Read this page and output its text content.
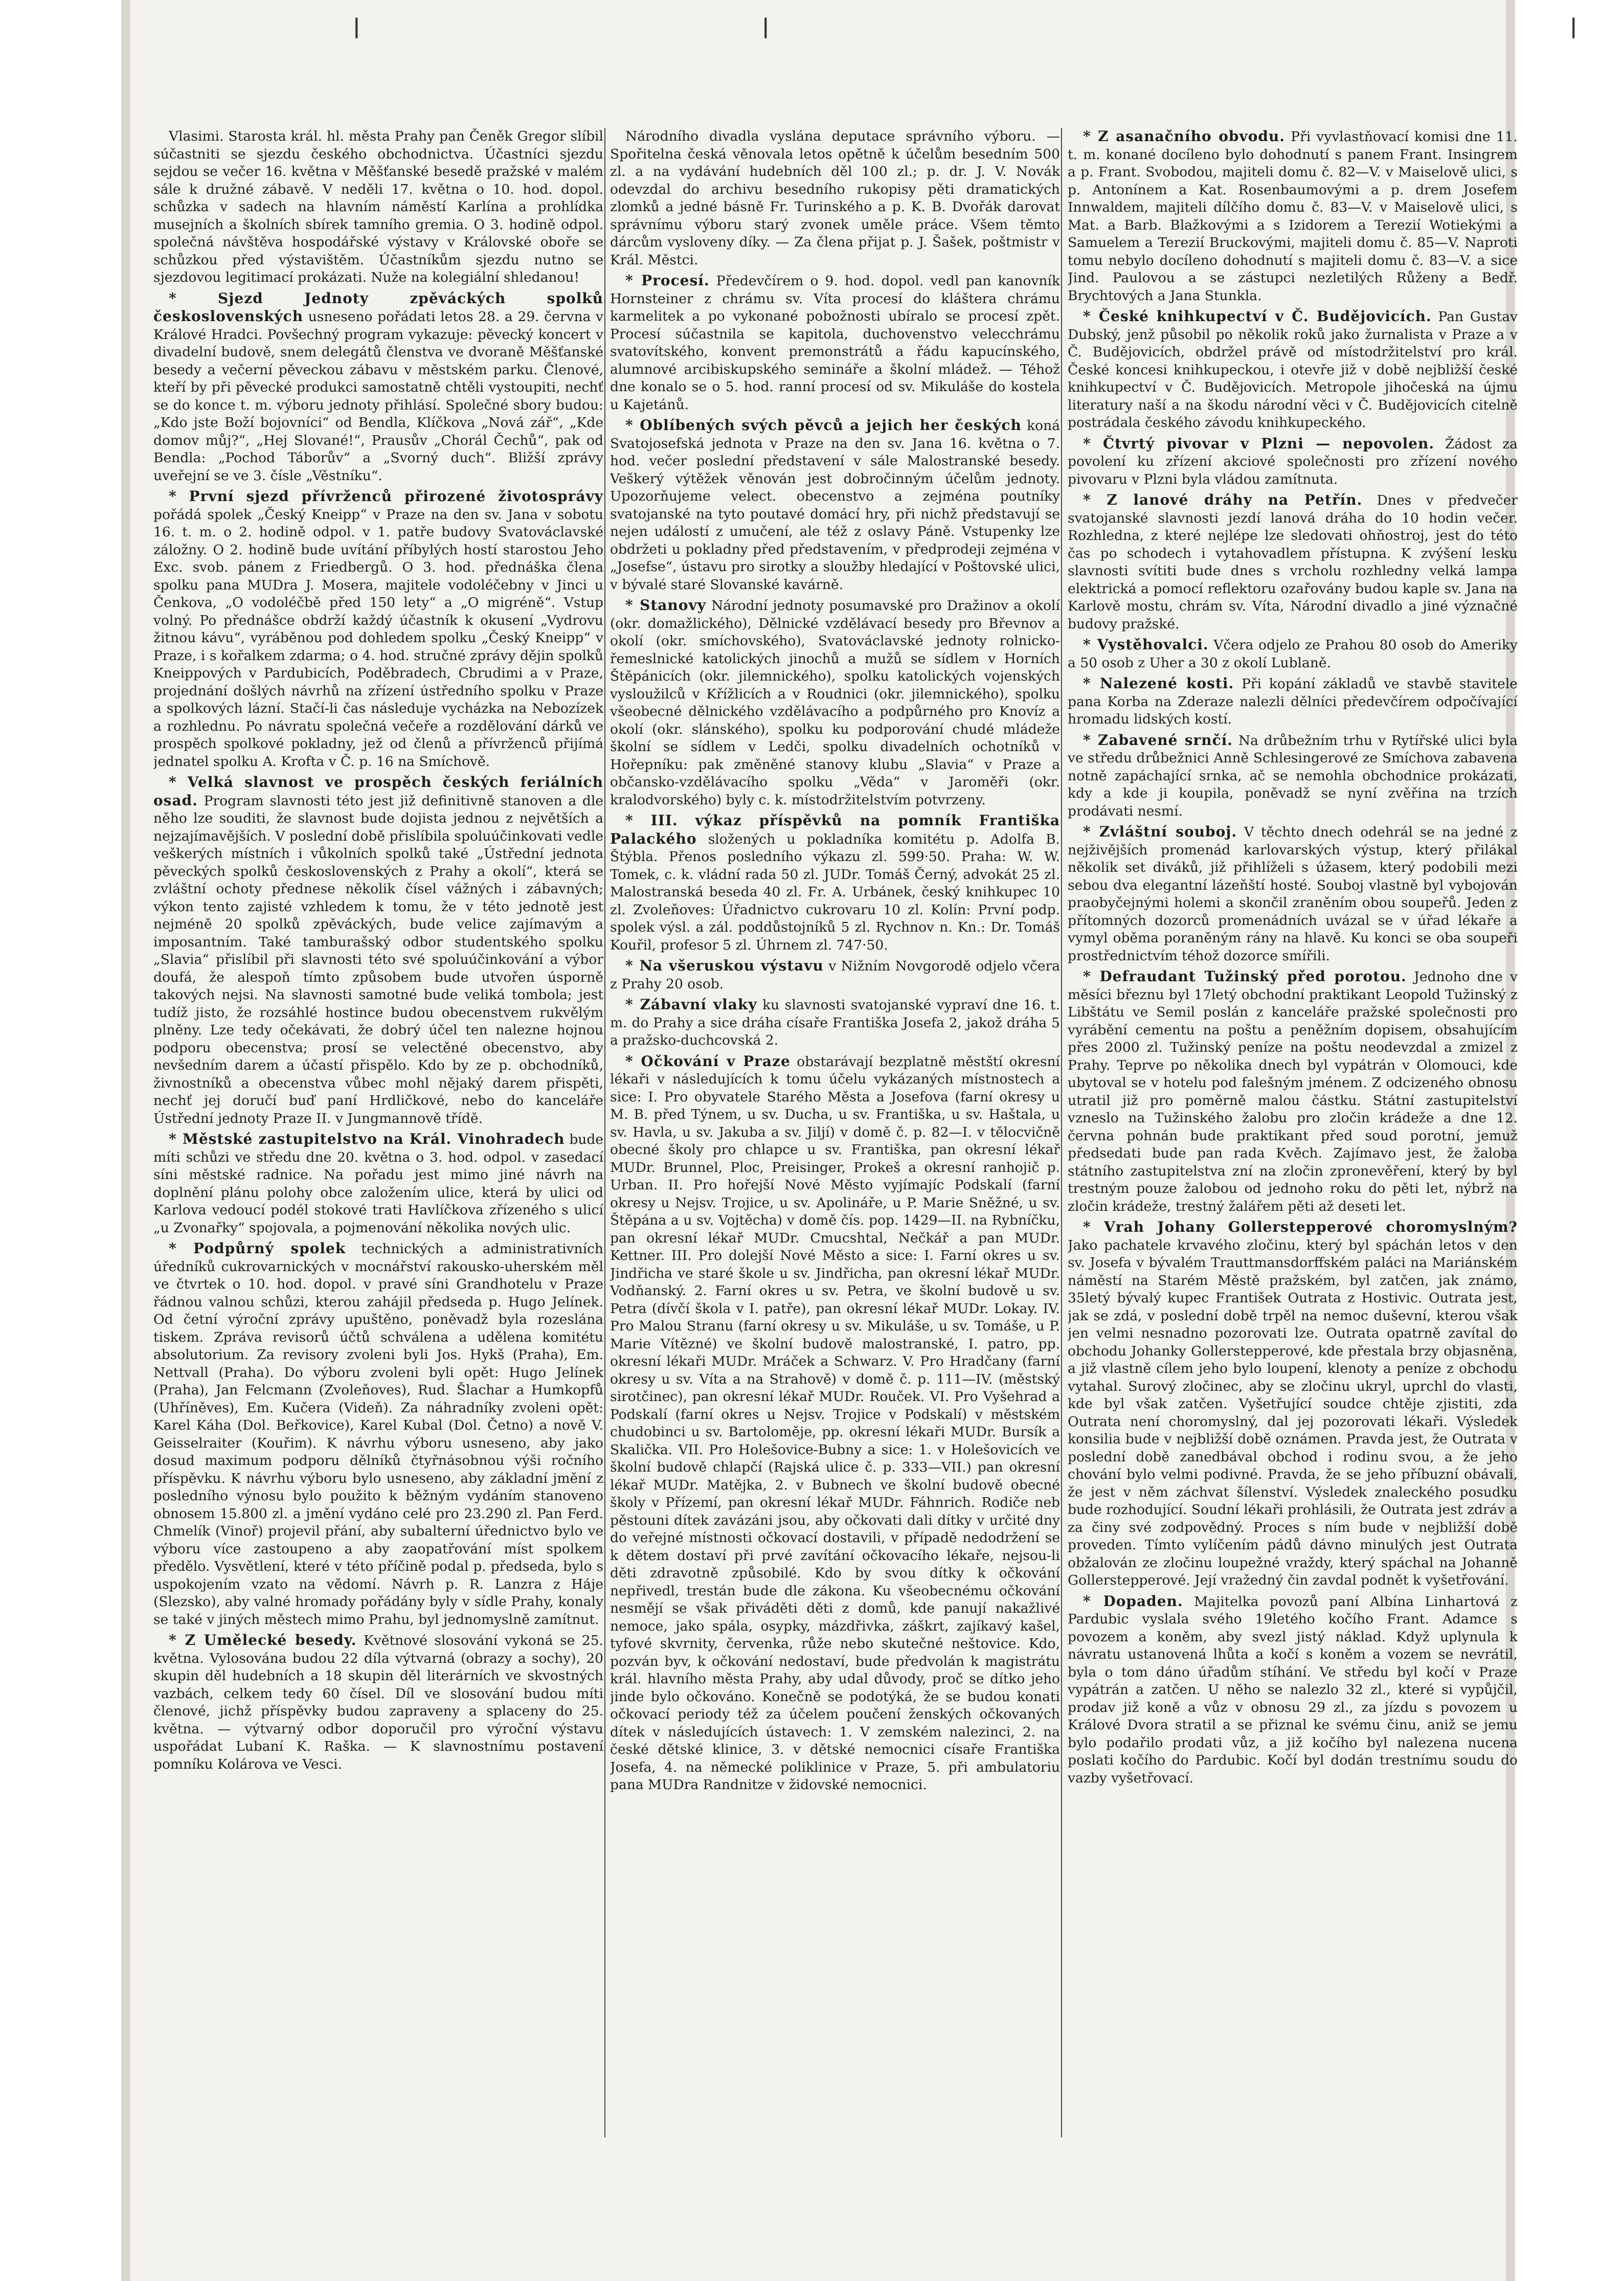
|	|	|

Vlasimi. Starosta král. hl. města Prahy pan Čeněk Gregor slíbil súčastniti se sjezdu českého obchodnictva. Účastníci sjezdu sejdou se večer 16. května v Měšťanské besedě pražské v malém sále k družné zábavě. V neděli 17. května o 10. hod. dopol. schůzka v sadech na hlavním náměstí Karlína a prohlídka musejních a školních sbírek tamního gremia. O 3. hodině odpol. společná návštěva hospodářské výstavy v Královské oboře se schůzkou před výstavištěm. Účastníkům sjezdu nutno se sjezdovou legitimací prokázati. Nuže na kolegiální shledanou!

* Sjezd Jednoty zpěváckých spolků československých usneseno pořádati letos 28. a 29. června v Králové Hradci. Povšechný program vykazuje: pěvecký koncert v divadelní budově, snem delegátů členstva ve dvoraně Měšťanské besedy a večerní pěveckou zábavu v městském parku. Členové, kteří by při pěvecké produkci samostatně chtěli vystoupiti, nechť se do konce t. m. výboru jednoty přihlásí. Společné sbory budou: „Kdo jste Boží bojovníci“ od Bendla, Klíčkova „Nová zář“, „Kde domov můj?“, „Hej Slované!“, Prausův „Chorál Čechů“, pak od Bendla: „Pochod Táborův“ a „Svorný duch“. Bližší zprávy uveřejní se ve 3. čísle „Věstníku“.

* První sjezd přívrženců přirozené životosprávy pořádá spolek „Český Kneipp“ v Praze na den sv. Jana v sobotu 16. t. m. o 2. hodině odpol. v 1. patře budovy Svatováclavské záložny. O 2. hodině bude uvítání příbylých hostí starostou Jeho Exc. svob. pánem z Friedbergů. O 3. hod. přednáška člena spolku pana MUDra J. Mosera, majitele vodoléčebny v Jinci u Čenkova, „O vodoléčbě před 150 lety“ a „O migréně“. Vstup volný. Po přednášce obdrží každý účastník k okusení „Vydrovu žitnou kávu“, vyráběnou pod dohledem spolku „Český Kneipp“ v Praze, i s kořalkem zdarma; o 4. hod. stručné zprávy dějin spolků Kneippových v Pardubicích, Poděbradech, Cbrudimi a v Praze, projednání došlých návrhů na zřízení ústředního spolku v Praze a spolkových lázní. Stačí-li čas následuje vycházka na Nebozízek a rozhlednu. Po návratu společná večeře a rozdělování dárků ve prospěch spolkové pokladny, jež od členů a přívrženců přijímá jednatel spolku A. Krofta v Č. p. 16 na Smíchově.

* Velká slavnost ve prospěch českých feriálních osad. Program slavnosti této jest již definitivně stanoven a dle něho lze souditi, že slavnost bude dojista jednou z největších a nejzajímavějších. V poslední době přislíbila spoluúčinkovati vedle veškerých místních i vůkolních spolků také „Ústřední jednota pěveckých spolků československých z Prahy a okolí“, která se zvláštní ochoty přednese několik čísel vážných i zábavných; výkon tento zajisté vzhledem k tomu, že v této jednotě jest nejméně 20 spolků zpěváckých, bude velice zajímavým a imposantním. Také tamburašský odbor studentského spolku „Slavia“ přislíbil při slavnosti této své spoluúčinkování a výbor doufá, že alespoň tímto způsobem bude utvořen úsporně takových nejsi. Na slavnosti samotné bude veliká tombola; jest tudíž jisto, že rozsáhlé hostince budou obecenstvem rukvělým plněny. Lze tedy očekávati, že dobrý účel ten nalezne hojnou podporu obecenstva; prosí se velectěné obecenstvo, aby nevšedním darem a účastí přispělo. Kdo by ze p. obchodníků, živnostníků a obecenstva vůbec mohl nějaký darem přispěti, nechť jej doručí buď paní Hrdličkové, nebo do kanceláře Ústřední jednoty Praze II. v Jungmannově třídě.

* Městské zastupitelstvo na Král. Vinohradech bude míti schůzi ve středu dne 20. května o 3. hod. odpol. v zasedací síni městské radnice. Na pořadu jest mimo jiné návrh na doplnění plánu polohy obce založením ulice, která by ulici od Karlova vedoucí podél stokové trati Havlíčkova zřízeného s ulicí „u Zvonařky“ spojovala, a pojmenování několika nových ulic.

* Podpůrný spolek technických a administrativních úředníků cukrovarnických v mocnářství rakousko-uherském měl ve čtvrtek o 10. hod. dopol. v pravé síni Grandhotelu v Praze řádnou valnou schůzi, kterou zahájil předseda p. Hugo Jelínek. Od četní výroční zprávy upuštěno, poněvadž byla rozeslána tiskem. Zpráva revisorů účtů schválena a udělena komitétu absolutorium. Za revisory zvoleni byli Jos. Hykš (Praha), Em. Nettvall (Praha). Do výboru zvoleni byli opět: Hugo Jelínek (Praha), Jan Felcmann (Zvoleňoves), Rud. Šlachar a Humkopfů (Uhříněves), Em. Kučera (Videň). Za náhradníky zvoleni opět: Karel Káha (Dol. Beřkovice), Karel Kubal (Dol. Četno) a nově V. Geisselraiter (Kouřim). K návrhu výboru usneseno, aby jako dosud maximum podporu dělníků čtyřnásobnou výši ročního příspěvku. K návrhu výboru bylo usneseno, aby základní jmění z posledního výnosu bylo použito k běžným vydáním stanoveno obnosem 15.800 zl. a jmění vydáno celé pro 23.290 zl. Pan Ferd. Chmelík (Vinoř) projevil přání, aby subalterní úřednictvo bylo ve výboru více zastoupeno a aby zaopatřování míst spolkem předělo. Vysvětlení, které v této příčině podal p. předseda, bylo s uspokojením vzato na vědomí. Návrh p. R. Lanzra z Háje (Slezsko), aby valné hromady pořádány byly v sídle Prahy, konaly se také v jiných městech mimo Prahu, byl jednomyslně zamítnut.

* Z Umělecké besedy. Květnové slosování vykoná se 25. května. Vylosována budou 22 díla výtvarná (obrazy a sochy), 20 skupin děl hudebních a 18 skupin děl literárních ve skvostných vazbách, celkem tedy 60 čísel. Díl ve slosování budou míti členové, jichž příspěvky budou zapraveny a splaceny do 25. května. — výtvarný odbor doporučil pro výroční výstavu uspořádat Lubaní K. Raška. — K slavnostnímu postavení pomníku Kolárova ve Vesci.

Národního divadla vyslána deputace správního výboru. — Spořitelna česká věnovala letos opětně k účelům besedním 500 zl. a na vydávání hudebních děl 100 zl.; p. dr. J. V. Novák odevzdal do archivu besedního rukopisy pěti dramatických zlomků a jedné básně Fr. Turinského a p. K. B. Dvořák darovat správnímu výboru starý zvonek uměle práce. Všem těmto dárcům vysloveny díky. — Za člena přijat p. J. Šašek, poštmistr v Král. Městci.

* Procesí. Předevčírem o 9. hod. dopol. vedl pan kanovník Hornsteiner z chrámu sv. Víta procesí do kláštera chrámu karmelitek a po vykonané pobožnosti ubíralo se procesí zpět. Procesí súčastnila se kapitola, duchovenstvo velecchrámu svatovítského, konvent premonstrátů a řádu kapucínského, alumnové arcibiskupského semináře a školní mládež. — Téhož dne konalo se o 5. hod. ranní procesí od sv. Mikuláše do kostela u Kajetánů.

* Oblíbených svých pěvců a jejich her českých koná Svatojosefská jednota v Praze na den sv. Jana 16. května o 7. hod. večer poslední představení v sále Malostranské besedy. Veškerý výtěžek věnován jest dobročinným účelům jednoty. Upozorňujeme velect. obecenstvo a zejména poutníky svatojanské na tyto poutavé domácí hry, při nichž představují se nejen událostí z umučení, ale též z oslavy Páně. Vstupenky lze obdržeti u pokladny před představením, v předprodeji zejména v „Josefse“, ústavu pro sirotky a sloužby hledající v Poštovské ulici, v bývalé staré Slovanské kavárně.

* Stanovy Národní jednoty posumavské pro Dražinov a okolí (okr. domažlického), Dělnické vzdělávací besedy pro Břevnov a okolí (okr. smíchovského), Svatováclavské jednoty rolnicko-řemeslnické katolických jinochů a mužů se sídlem v Horních Štěpánicích (okr. jilemnického), spolku katolických vojenských vysloužilců v Křížlicích a v Roudnici (okr. jilemnického), spolku všeobecné dělnického vzdělávacího a podpůrného pro Knovíz a okolí (okr. slánského), spolku ku podporování chudé mládeže školní se sídlem v Ledči, spolku divadelních ochotníků v Hořepníku: pak změněné stanovy klubu „Slavia“ v Praze a občansko-vzdělávacího spolku „Věda“ v Jaroměři (okr. kralodvorského) byly c. k. místodržitelstvím potvrzeny.

* III. výkaz příspěvků na pomník Františka Palackého složených u pokladníka komitétu p. Adolfa B. Štýbla. Přenos posledního výkazu zl. 599·50. Praha: W. W. Tomek, c. k. vládní rada 50 zl. JUDr. Tomáš Černý, advokát 25 zl. Malostranská beseda 40 zl. Fr. A. Urbánek, český knihkupec 10 zl. Zvoleňoves: Úřadnictvo cukrovaru 10 zl. Kolín: První podp. spolek výsl. a zál. poddůstojníků 5 zl. Rychnov n. Kn.: Dr. Tomáš Kouřil, profesor 5 zl. Úhrnem zl. 747·50.

* Na všeruskou výstavu v Nižním Novgorodě odjelo včera z Prahy 20 osob.

* Zábavní vlaky ku slavnosti svatojanské vypraví dne 16. t. m. do Prahy a sice dráha císaře Františka Josefa 2, jakož dráha 5 a pražsko-duchcovská 2.

* Očkování v Praze obstarávají bezplatně městští okresní lékaři v následujících k tomu účelu vykázaných místnostech a sice: I. Pro obyvatele Starého Města a Josefova (farní okresy u M. B. před Týnem, u sv. Ducha, u sv. Františka, u sv. Haštala, u sv. Havla, u sv. Jakuba a sv. Jiljí) v domě č. p. 82—I. v tělocvičně obecné školy pro chlapce u sv. Františka, pan okresní lékař MUDr. Brunnel, Ploc, Preisinger, Prokeš a okresní ranhojič p. Urban. II. Pro hořejší Nové Město vyjímajíc Podskalí (farní okresy u Nejsv. Trojice, u sv. Apolináře, u P. Marie Sněžné, u sv. Štěpána a u sv. Vojtěcha) v domě čís. pop. 1429—II. na Rybníčku, pan okresní lékař MUDr. Cmucshtal, Nečkář a pan MUDr. Kettner. III. Pro dolejší Nové Město a sice: I. Farní okres u sv. Jindřicha ve staré škole u sv. Jindřicha, pan okresní lékař MUDr. Vodňanský. 2. Farní okres u sv. Petra, ve školní budově u sv. Petra (dívčí škola v I. patře), pan okresní lékař MUDr. Lokay. IV. Pro Malou Stranu (farní okresy u sv. Mikuláše, u sv. Tomáše, u P. Marie Vítězné) ve školní budově malostranské, I. patro, pp. okresní lékaři MUDr. Mráček a Schwarz. V. Pro Hradčany (farní okresy u sv. Víta a na Strahově) v domě č. p. 111—IV. (městský sirotčinec), pan okresní lékař MUDr. Rouček. VI. Pro Vyšehrad a Podskalí (farní okres u Nejsv. Trojice v Podskalí) v městském chudobinci u sv. Bartoloměje, pp. okresní lékaři MUDr. Bursík a Skalička. VII. Pro Holešovice-Bubny a sice: 1. v Holešovicích ve školní budově chlapčí (Rajská ulice č. p. 333—VII.) pan okresní lékař MUDr. Matějka, 2. v Bubnech ve školní budově obecné školy v Přízemí, pan okresní lékař MUDr. Fáhnrich. Rodiče neb pěstouni dítek zavázáni jsou, aby očkovati dali dítky v určité dny do veřejné místnosti očkovací dostavili, v případě nedodržení se k dětem dostaví při prvé zavítání očkovacího lékaře, nejsou-li děti zdravotně způsobilé. Kdo by svou dítky k očkování nepřivedl, trestán bude dle zákona. Ku všeobecnému očkování nesmějí se však přiváděti děti z domů, kde panují nakažlivé nemoce, jako spála, osypky, mázdřivka, záškrt, zajíkavý kašel, tyfové skvrnity, červenka, růže nebo skutečné neštovice. Kdo, pozván byv, k očkování nedostaví, bude předvolán k magistrátu král. hlavního města Prahy, aby udal důvody, proč se dítko jeho jinde bylo očkováno. Konečně se podotýká, že se budou konati očkovací periody též za účelem poučení ženských očkovaných dítek v následujících ústavech: 1. V zemském nalezinci, 2. na české dětské klinice, 3. v dětské nemocnici císaře Františka Josefa, 4. na německé poliklinice v Praze, 5. při ambulatoriu pana MUDra Randnitze v židovské nemocnici.

* Z asanačního obvodu. Při vyvlastňovací komisi dne 11. t. m. konané docíleno bylo dohodnutí s panem Frant. Insingrem a p. Frant. Svobodou, majiteli domu č. 82—V. v Maiselově ulici, s p. Antonínem a Kat. Rosenbaumovými a p. drem Josefem Innwaldem, majiteli dílčího domu č. 83—V. v Maiselově ulici, s Mat. a Barb. Blažkovými a s Izidorem a Terezií Wotiekými a Samuelem a Terezií Bruckovými, majiteli domu č. 85—V. Naproti tomu nebylo docíleno dohodnutí s majiteli domu č. 83—V. a sice Jind. Paulovou a se zástupci nezletilých Růženy a Bedř. Brychtových a Jana Stunkla.

* České knihkupectví v Č. Budějovicích. Pan Gustav Dubský, jenž působil po několik roků jako žurnalista v Praze a v Č. Budějovicích, obdržel právě od místodržitelství pro král. České koncesi knihkupeckou, i otevře již v době nejbližší české knihkupectví v Č. Budějovicích. Metropole jihočeská na újmu literatury naší a na škodu národní věci v Č. Budějovicích citelně postrádala českého závodu knihkupeckého.

* Čtvrtý pivovar v Plzni — nepovolen. Žádost za povolení ku zřízení akciové společnosti pro zřízení nového pivovaru v Plzni byla vládou zamítnuta.

* Z lanové dráhy na Petřín. Dnes v předvečer svatojanské slavnosti jezdí lanová dráha do 10 hodin večer. Rozhledna, z které nejlépe lze sledovati ohňostroj, jest do této čas po schodech i vytahovadlem přístupna. K zvýšení lesku slavnosti svítiti bude dnes s vrcholu rozhledny velká lampa elektrická a pomocí reflektoru ozařovány budou kaple sv. Jana na Karlově mostu, chrám sv. Víta, Národní divadlo a jiné význačné budovy pražské.

* Vystěhovalci. Včera odjelo ze Prahou 80 osob do Ameriky a 50 osob z Uher a 30 z okolí Lublaně.

* Nalezené kosti. Při kopání základů ve stavbě stavitele pana Korba na Zderaze nalezli dělníci předevčírem odpočívající hromadu lidských kostí.

* Zabavené srnčí. Na drůbežním trhu v Rytířské ulici byla ve středu drůbežnici Anně Schlesingerové ze Smíchova zabavena notně zapáchající srnka, ač se nemohla obchodnice prokázati, kdy a kde ji koupila, poněvadž se nyní zvěřina na trzích prodávati nesmí.

* Zvláštní souboj. V těchto dnech odehrál se na jedné z nejživějších promenád karlovarských výstup, který přilákal několik set diváků, již přihlíželi s úžasem, který podobili mezi sebou dva elegantní lázeňští hosté. Souboj vlastně byl vybojován praobyčejnými holemi a skončil zraněním obou soupeřů. Jeden z přítomných dozorců promenádních uvázal se v úřad lékaře a vymyl oběma poraněným rány na hlavě. Ku konci se oba soupeři prostřednictvím téhož dozorce smířili.

* Defraudant Tužinský před porotou. Jednoho dne v měsíci březnu byl 17letý obchodní praktikant Leopold Tužinský z Libštátu ve Semil poslán z kanceláře pražské společnosti pro vyrábění cementu na poštu a peněžním dopisem, obsahujícím přes 2000 zl. Tužinský peníze na poštu neodevzdal a zmizel z Prahy. Teprve po několika dnech byl vypátrán v Olomouci, kde ubytoval se v hotelu pod falešným jménem. Z odcizeného obnosu utratil již pro poměrně malou částku. Státní zastupitelství vzneslo na Tužinského žalobu pro zločin krádeže a dne 12. června pohnán bude praktikant před soud porotní, jemuž předsedati bude pan rada Kvěch. Zajímavo jest, že žaloba státního zastupitelstva zní na zločin zpronevěření, který by byl trestným pouze žalobou od jednoho roku do pěti let, nýbrž na zločin krádeže, trestný žalářem pěti až deseti let.

* Vrah Johany Gollerstepperové choromyslným? Jako pachatele krvavého zločinu, který byl spáchán letos v den sv. Josefa v bývalém Trauttmansdorffském paláci na Mariánském náměstí na Starém Městě pražském, byl zatčen, jak známo, 35letý bývalý kupec František Outrata z Hostivic. Outrata jest, jak se zdá, v poslední době trpěl na nemoc duševní, kterou však jen velmi nesnadno pozorovati lze. Outrata opatrně zavítal do obchodu Johanky Gollerstepperové, kde přestala brzy objasněna, a již vlastně cílem jeho bylo loupení, klenoty a peníze z obchodu vytahal. Surový zločinec, aby se zločinu ukryl, uprchl do vlasti, kde byl však zatčen. Vyšetřující soudce chtěje zjistiti, zda Outrata není choromyslný, dal jej pozorovati lékaři. Výsledek konsilia bude v nejbližší době oznámen. Pravda jest, že Outrata v poslední době zanedbával obchod i rodinu svou, a že jeho chování bylo velmi podivné. Pravda, že se jeho příbuzní obávali, že jest v něm záchvat šílenství. Výsledek znaleckého posudku bude rozhodující. Soudní lékaři prohlásili, že Outrata jest zdráv a za činy své zodpovědný. Proces s ním bude v nejbližší době proveden. Tímto vylíčením pádů dávno minulých jest Outrata obžalován ze zločinu loupežné vraždy, který spáchal na Johanně Gollerstepperové. Její vražedný čin zavdal podnět k vyšetřování.

* Dopaden. Majitelka povozů paní Albína Linhartová z Pardubic vyslala svého 19letého kočího Frant. Adamce s povozem a koněm, aby svezl jistý náklad. Když uplynula k návratu ustanovená lhůta a kočí s koněm a vozem se nevrátil, byla o tom dáno úřadům stíhání. Ve středu byl kočí v Praze vypátrán a zatčen. U něho se nalezlo 32 zl., které si vypůjčil, prodav již koně a vůz v obnosu 29 zl., za jízdu s povozem u Králové Dvora stratil a se přiznal ke svému činu, aniž se jemu bylo podařilo prodati vůz, a již kočího byl nalezena nucena poslati kočího do Pardubic. Kočí byl dodán trestnímu soudu do vazby vyšetřovací.
